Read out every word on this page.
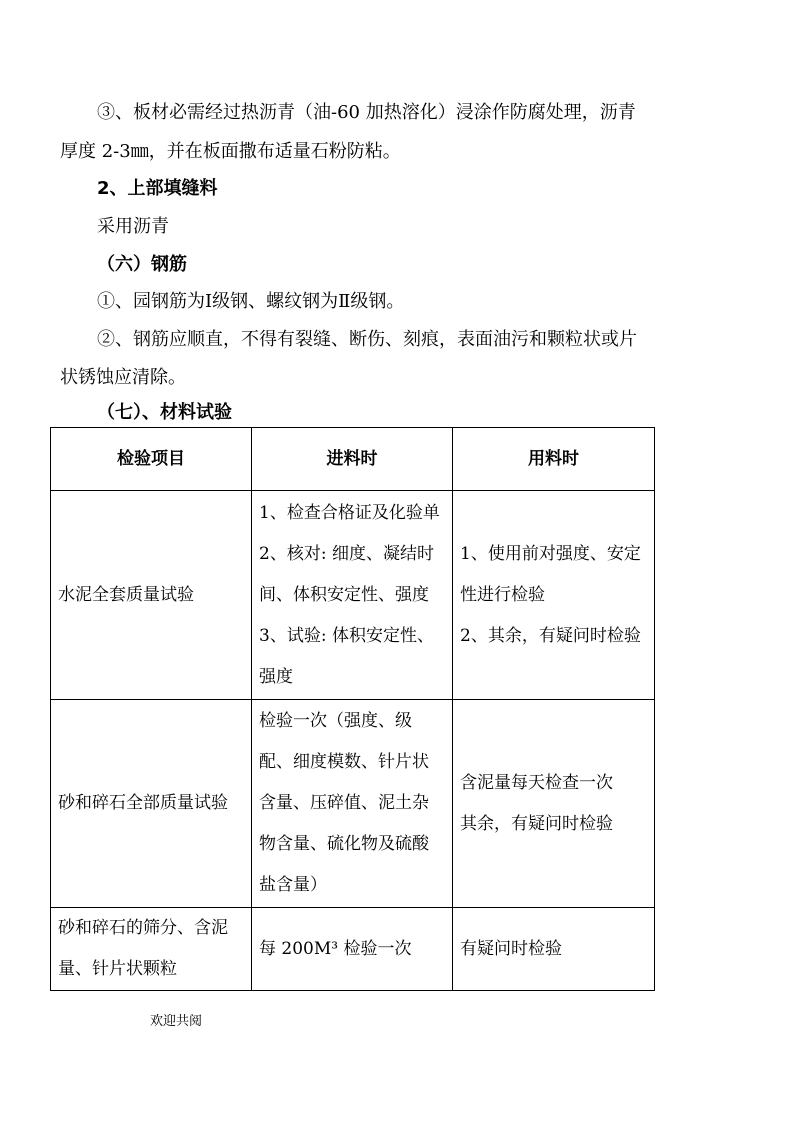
③、板材必需经过热沥青（油-60 加热溶化）浸涂作防腐处理，沥青
厚度 2-3㎜，并在板面撒布适量石粉防粘。
2、上部填缝料
采用沥青
（六）钢筋
①、园钢筋为Ⅰ级钢、螺纹钢为Ⅱ级钢。
②、钢筋应顺直，不得有裂缝、断伤、刻痕，表面油污和颗粒状或片
状锈蚀应清除。
（七）、材料试验
检验项目	进料时	用料时
水泥全套质量试验	1、检查合格证及化验单 2、核对: 细度、凝结时间、体积安定性、强度 3、试验: 体积安定性、强度	1、使用前对强度、安定性进行检验
2、其余，有疑问时检验
砂和碎石全部质量试验	检验一次（强度、级配、细度模数、针片状含量、压碎值、泥土杂物含量、硫化物及硫酸盐含量）	含泥量每天检查一次
其余，有疑问时检验
砂和碎石的筛分、含泥量、针片状颗粒	每 200M³ 检验一次	有疑问时检验
欢迎共阅
